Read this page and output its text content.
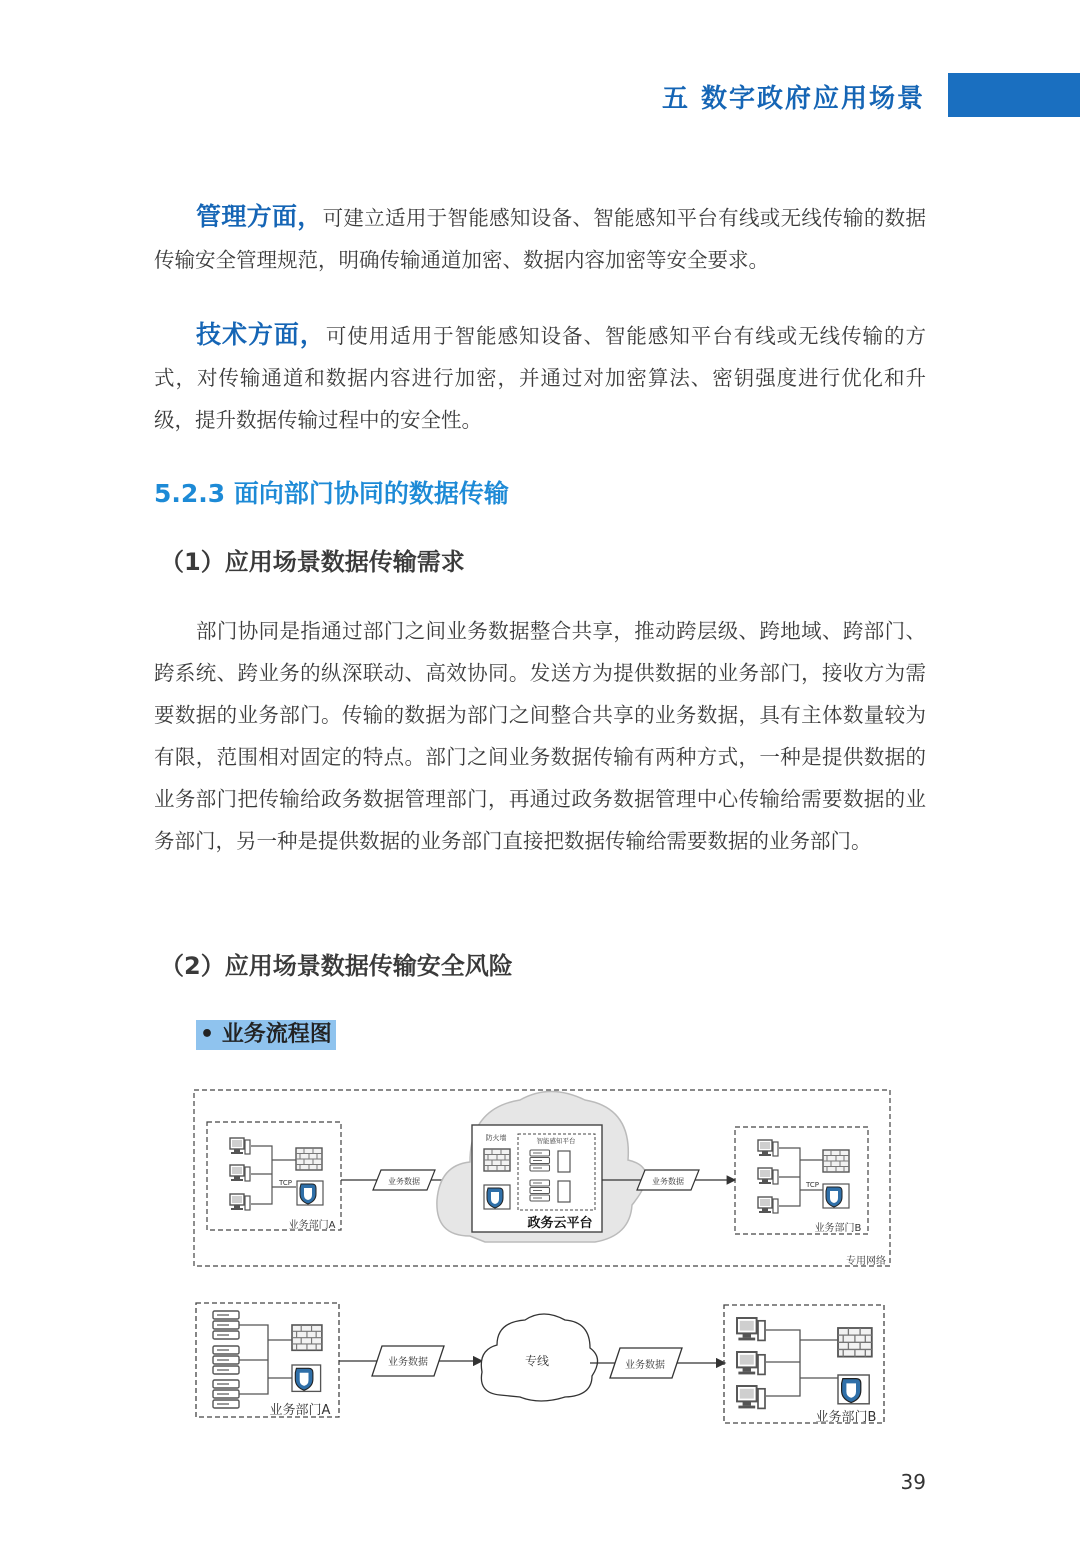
五 数字政府应用场景
管理方面，可建立适用于智能感知设备、智能感知平台有线或无线传输的数据传输安全管理规范，明确传输通道加密、数据内容加密等安全要求。
技术方面，可使用适用于智能感知设备、智能感知平台有线或无线传输的方式，对传输通道和数据内容进行加密，并通过对加密算法、密钥强度进行优化和升级，提升数据传输过程中的安全性。
5.2.3 面向部门协同的数据传输
（1）应用场景数据传输需求
部门协同是指通过部门之间业务数据整合共享，推动跨层级、跨地域、跨部门、跨系统、跨业务的纵深联动、高效协同。发送方为提供数据的业务部门，接收方为需要数据的业务部门。传输的数据为部门之间整合共享的业务数据，具有主体数量较为有限，范围相对固定的特点。部门之间业务数据传输有两种方式，一种是提供数据的业务部门把传输给政务数据管理部门，再通过政务数据管理中心传输给需要数据的业务部门，另一种是提供数据的业务部门直接把数据传输给需要数据的业务部门。
（2）应用场景数据传输安全风险
• 业务流程图
专用网络
TCP
业务部门A
业务数据
防火墙	智能感知平台
政务云平台
业务数据	TCP
业务部门B
业务部门A
业务数据	专线	业务数据
业务部门B
39
